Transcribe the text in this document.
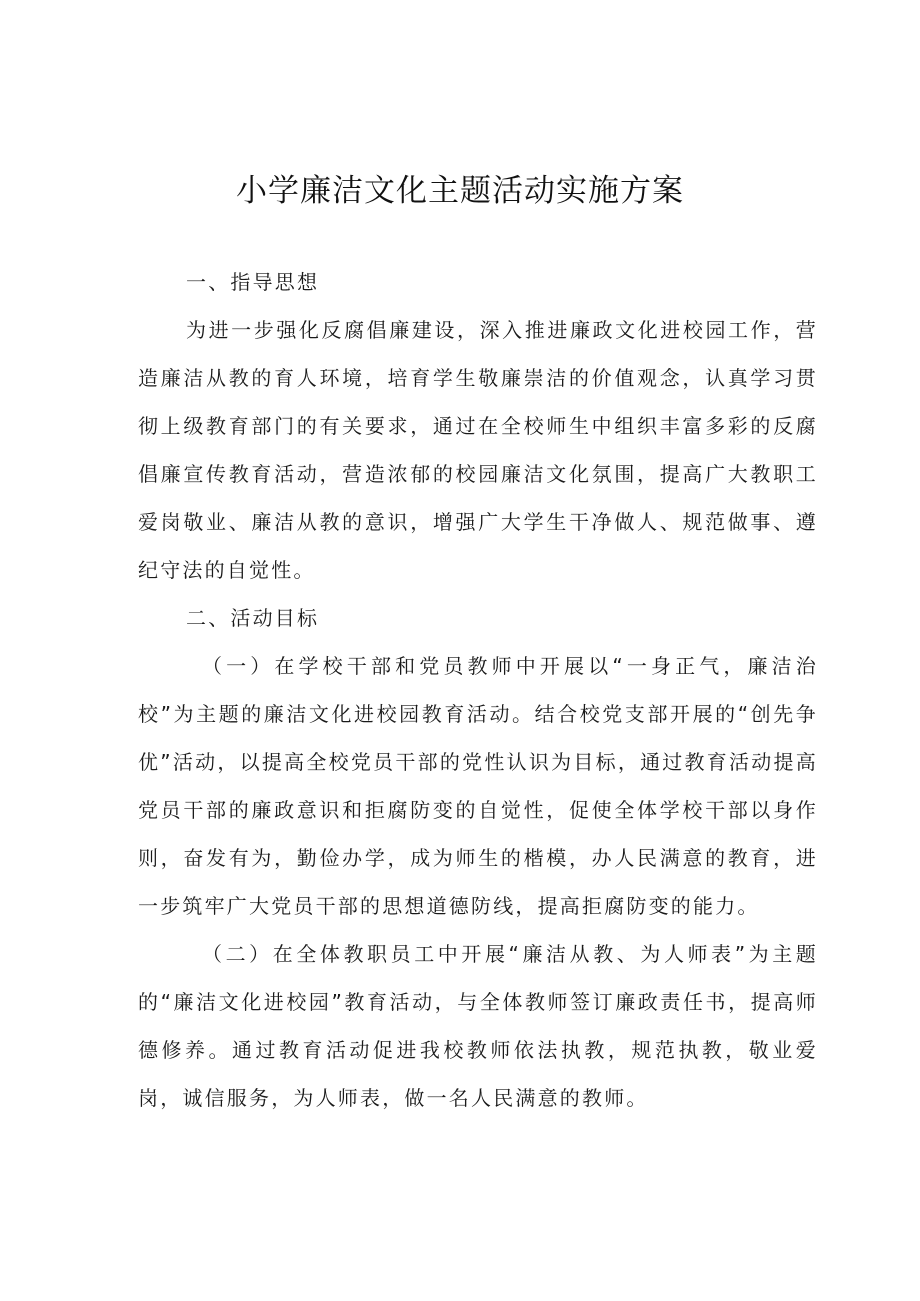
小学廉洁文化主题活动实施方案

一、指导思想

为进一步强化反腐倡廉建设，深入推进廉政文化进校园工作，营造廉洁从教的育人环境，培育学生敬廉崇洁的价值观念，认真学习贯彻上级教育部门的有关要求，通过在全校师生中组织丰富多彩的反腐倡廉宣传教育活动，营造浓郁的校园廉洁文化氛围，提高广大教职工爱岗敬业、廉洁从教的意识，增强广大学生干净做人、规范做事、遵纪守法的自觉性。

二、活动目标

（一）在学校干部和党员教师中开展以“一身正气，廉洁治校”为主题的廉洁文化进校园教育活动。结合校党支部开展的“创先争优”活动，以提高全校党员干部的党性认识为目标，通过教育活动提高党员干部的廉政意识和拒腐防变的自觉性，促使全体学校干部以身作则，奋发有为，勤俭办学，成为师生的楷模，办人民满意的教育，进一步筑牢广大党员干部的思想道德防线，提高拒腐防变的能力。

（二）在全体教职员工中开展“廉洁从教、为人师表”为主题的“廉洁文化进校园”教育活动，与全体教师签订廉政责任书，提高师德修养。通过教育活动促进我校教师依法执教，规范执教，敬业爱岗，诚信服务，为人师表，做一名人民满意的教师。
